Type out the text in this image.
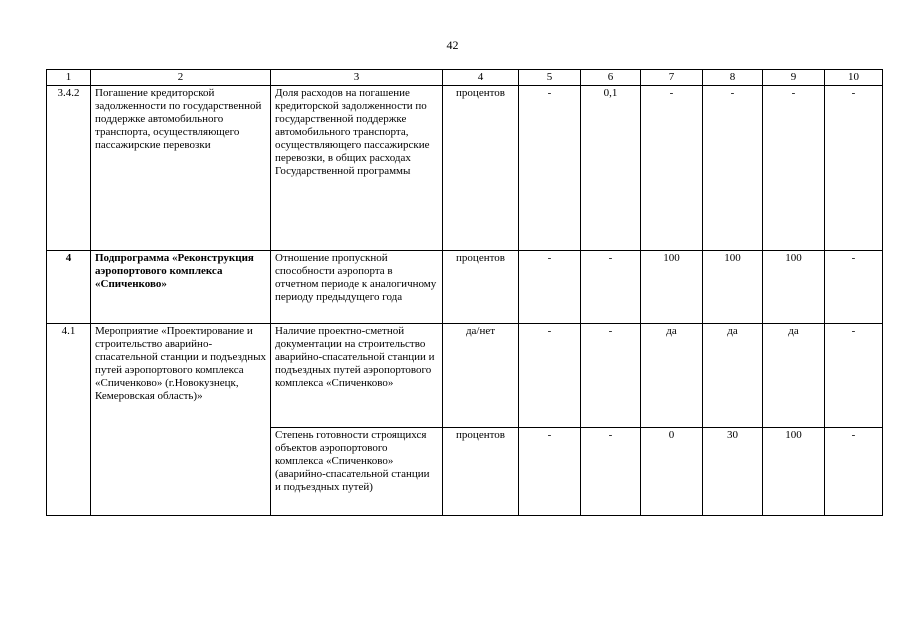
42
1	2	3	4	5	6	7	8	9	10
3.4.2	Погашение кредиторской задолженности по государственной поддержке автомобильного транспорта, осуществляющего пассажирские перевозки	Доля расходов на погашение кредиторской задолженности по государственной поддержке автомобильного транспорта, осуществляющего пассажирские перевозки, в общих расходах Государственной программы	процентов	-	0,1	-	-	-	-
4	Подпрограмма «Реконструкция аэропортового комплекса «Спиченково»	Отношение пропускной способности аэропорта в отчетном периоде к аналогичному периоду предыдущего года	процентов	-	-	100	100	100	-
4.1	Мероприятие «Проектирование и строительство аварийно-спасательной станции и подъездных путей аэропортового комплекса «Спиченково» (г.Новокузнецк, Кемеровская область)»	Наличие проектно-сметной документации на строительство аварийно-спасательной станции и подъездных путей аэропортового комплекса «Спиченково»	да/нет	-	-	да	да	да	-
		Степень готовности строящихся объектов аэропортового комплекса «Спиченково» (аварийно-спасательной станции и подъездных путей)	процентов	-	-	0	30	100	-
